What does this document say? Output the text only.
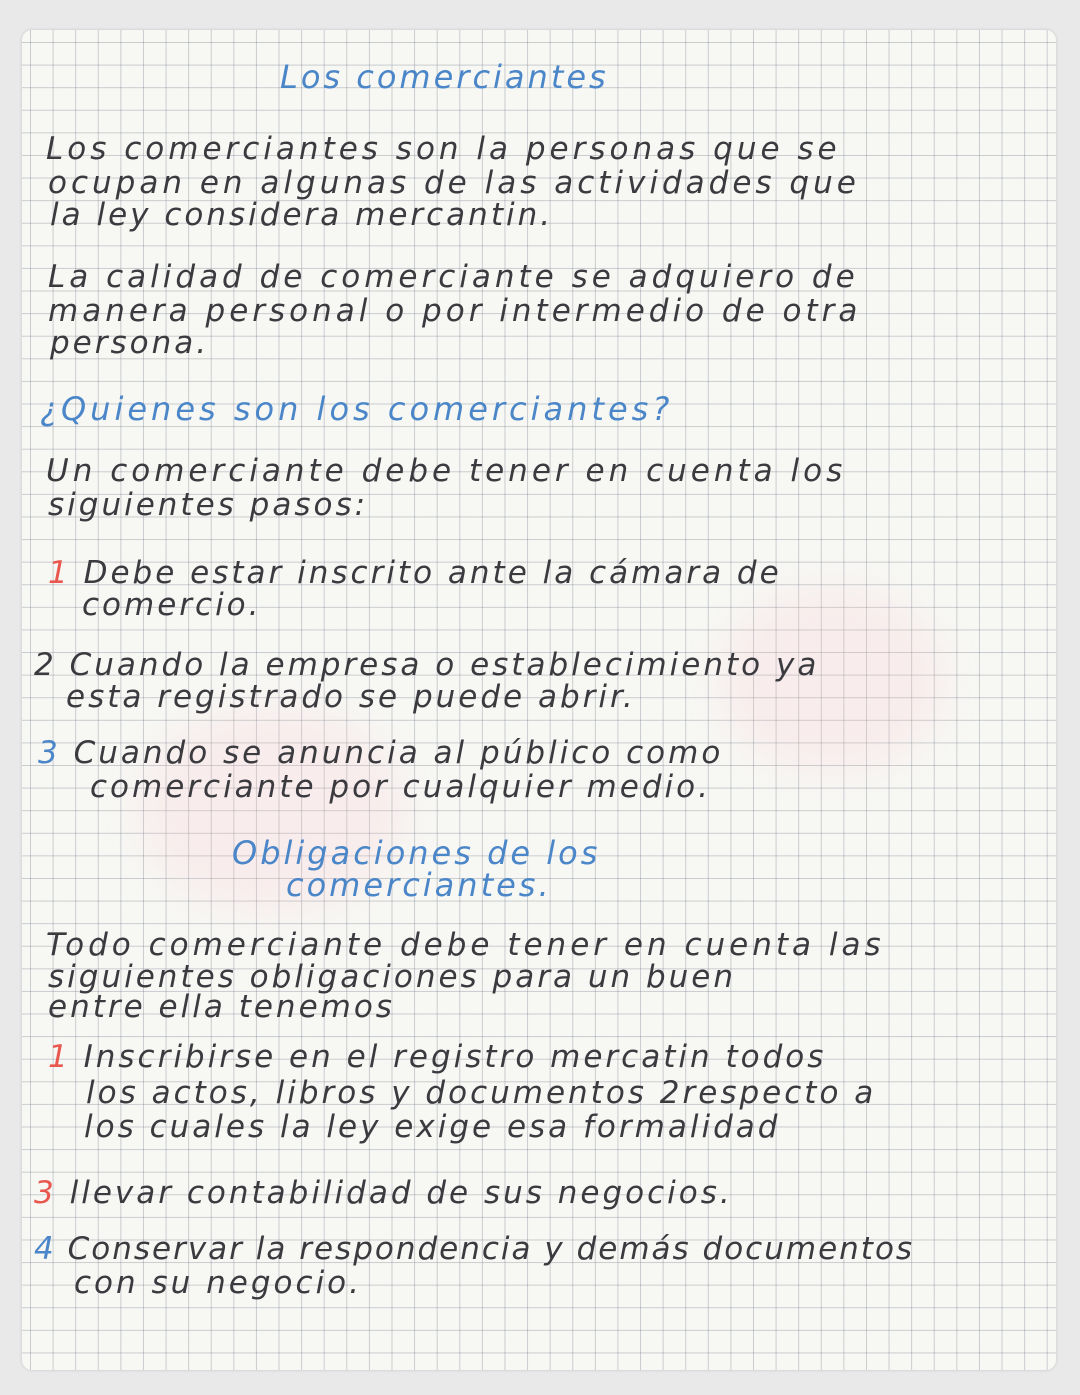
Los comerciantes

Los comerciantes son la personas que se

ocupan en algunas de las actividades que

la ley considera mercantin.

La calidad de comerciante se adquiero de

manera personal o por intermedio de otra

persona.

¿Quienes son los comerciantes?

Un comerciante debe tener en cuenta los

siguientes pasos:

1 Debe estar inscrito ante la cámara de

comercio.

2 Cuando la empresa o establecimiento ya

esta registrado se puede abrir.

3 Cuando se anuncia al público como

comerciante por cualquier medio.

Obligaciones de los

comerciantes.

Todo comerciante debe tener en cuenta las

siguientes obligaciones para un buen

entre ella tenemos

1 Inscribirse en el registro mercatin todos

los actos, libros y documentos 2respecto a

los cuales la ley exige esa formalidad

3 llevar contabilidad de sus negocios.

4 Conservar la respondencia y demás documentos

con su negocio.
